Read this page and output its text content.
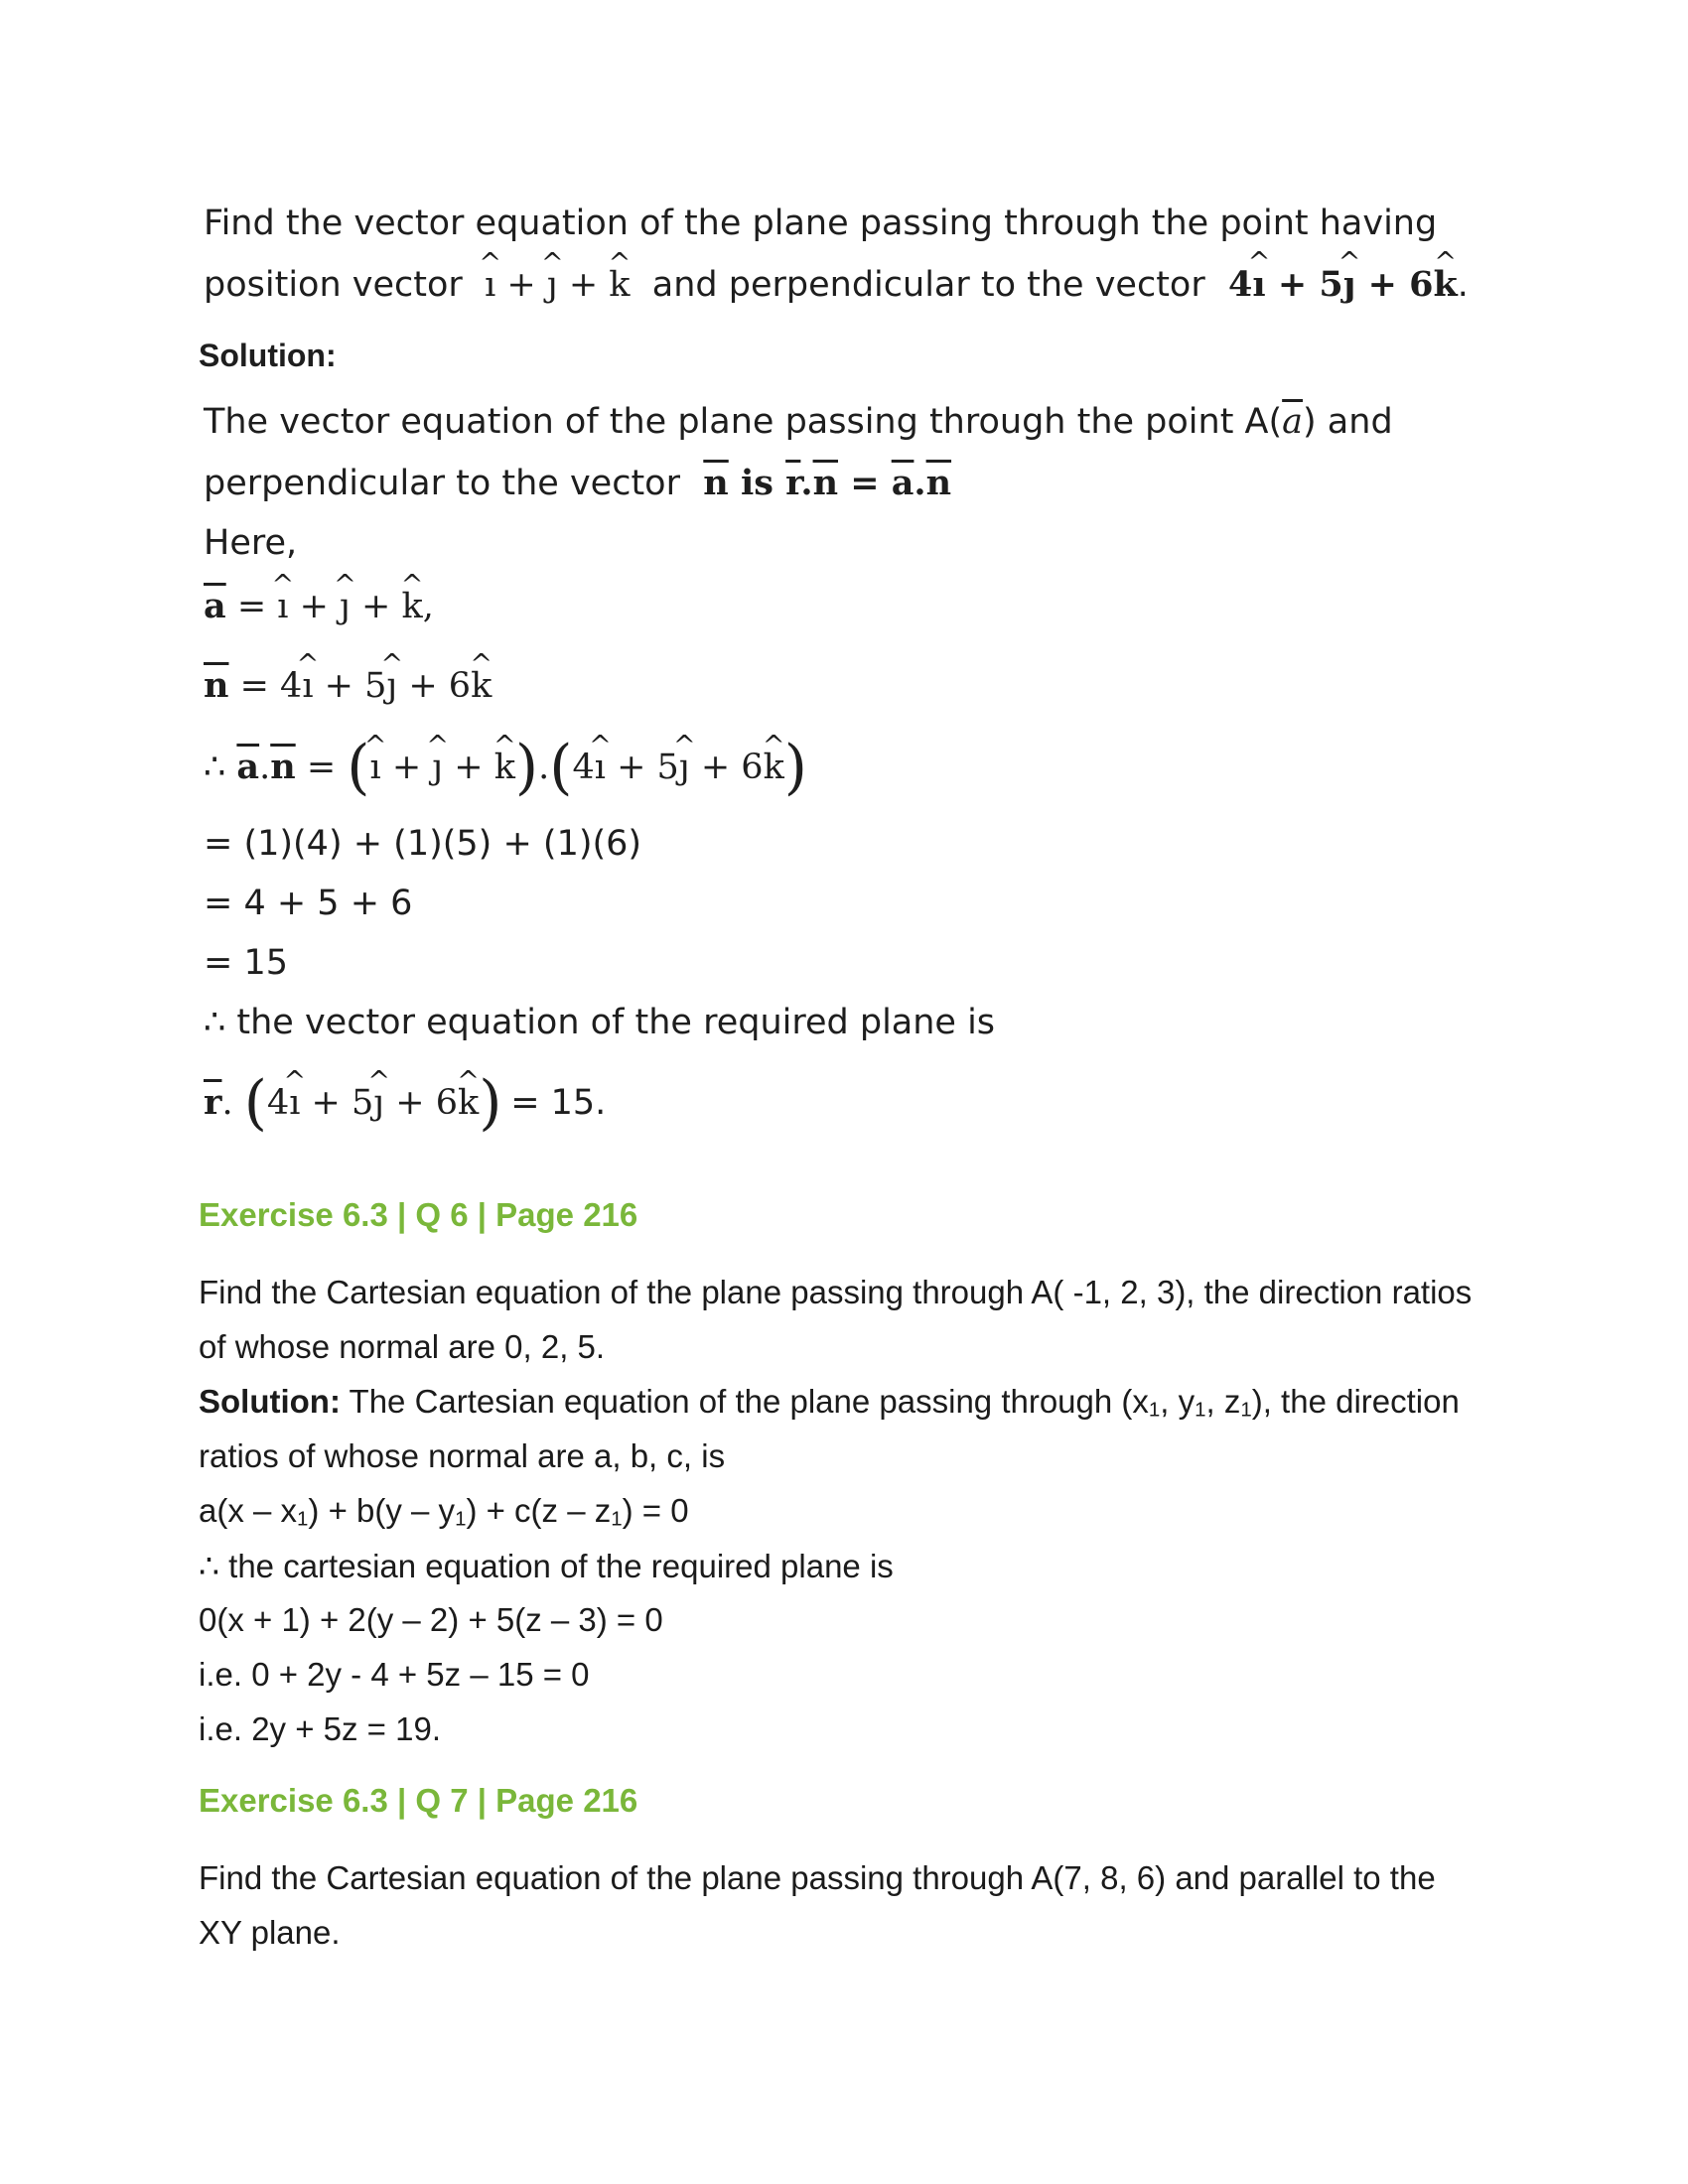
Find the vector equation of the plane passing through the point having
position vector ı ^ + ȷ ^ + k ^ and perpendicular to the vector  4ı ^ + 5ȷ ^ + 6k ^.
Solution:
The vector equation of the plane passing through the point $A(\overline{a})$ and
perpendicular to the vector $\overline{n}$ is $\overline{r}.\overline{n} = \overline{a}.\overline{n}$
Here,
$\overline{a}$ = ı ^ + ȷ ^ + k ^,
$\overline{n}$ = 4ı ^ + 5ȷ ^ + 6k ^
∴ $\overline{a}.\overline{n}$ = (ı ^ + ȷ ^ + k ^).(4ı ^ + 5ȷ ^ + 6k ^)
= (1)(4) + (1)(5) + (1)(6)
= 4 + 5 + 6
= 15
∴ the vector equation of the required plane is
$\overline{r}$. (4ı ^ + 5ȷ ^ + 6k ^) = 15.
Exercise 6.3 | Q 6 | Page 216
Find the Cartesian equation of the plane passing through A( -1, 2, 3), the direction ratios
of whose normal are 0, 2, 5.
Solution: The Cartesian equation of the plane passing through ($x_1$, $y_1$, $z_1$), the direction
ratios of whose normal are a, b, c, is
$a(x - x_1) + b(y - y_1) + c(z - z_1) = 0$
∴ the cartesian equation of the required plane is
0(x + 1) + 2(y – 2) + 5(z – 3) = 0
i.e. 0 + 2y - 4 + 5z – 15 = 0
i.e. 2y + 5z = 19.
Exercise 6.3 | Q 7 | Page 216
Find the Cartesian equation of the plane passing through A(7, 8, 6) and parallel to the
XY plane.
